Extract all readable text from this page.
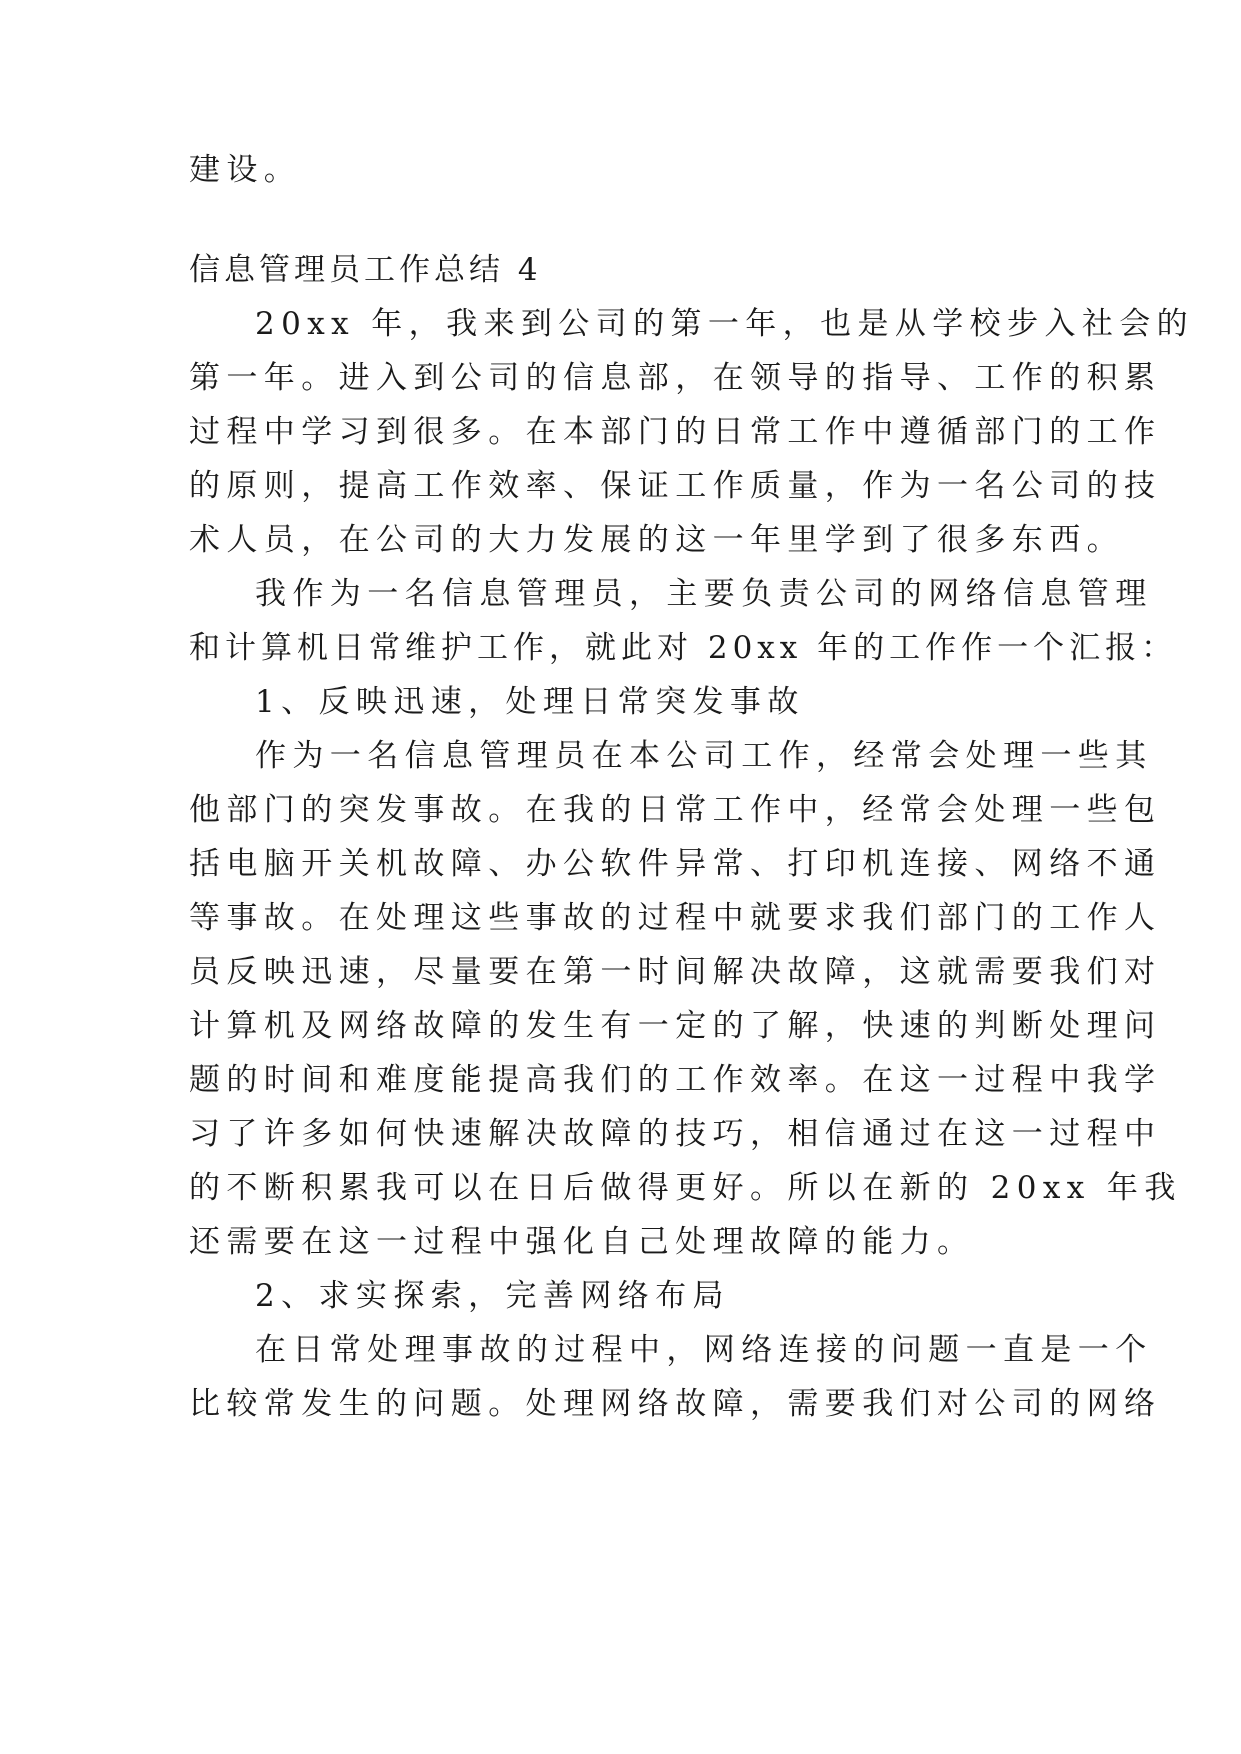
建设。
信息管理员工作总结 4
20xx 年，我来到公司的第一年，也是从学校步入社会的
第一年。进入到公司的信息部，在领导的指导、工作的积累
过程中学习到很多。在本部门的日常工作中遵循部门的工作
的原则，提高工作效率、保证工作质量，作为一名公司的技
术人员，在公司的大力发展的这一年里学到了很多东西。
我作为一名信息管理员，主要负责公司的网络信息管理
和计算机日常维护工作，就此对 20xx 年的工作作一个汇报：
1、反映迅速，处理日常突发事故
作为一名信息管理员在本公司工作，经常会处理一些其
他部门的突发事故。在我的日常工作中，经常会处理一些包
括电脑开关机故障、办公软件异常、打印机连接、网络不通
等事故。在处理这些事故的过程中就要求我们部门的工作人
员反映迅速，尽量要在第一时间解决故障，这就需要我们对
计算机及网络故障的发生有一定的了解，快速的判断处理问
题的时间和难度能提高我们的工作效率。在这一过程中我学
习了许多如何快速解决故障的技巧，相信通过在这一过程中
的不断积累我可以在日后做得更好。所以在新的 20xx 年我
还需要在这一过程中强化自己处理故障的能力。
2、求实探索，完善网络布局
在日常处理事故的过程中，网络连接的问题一直是一个
比较常发生的问题。处理网络故障，需要我们对公司的网络
